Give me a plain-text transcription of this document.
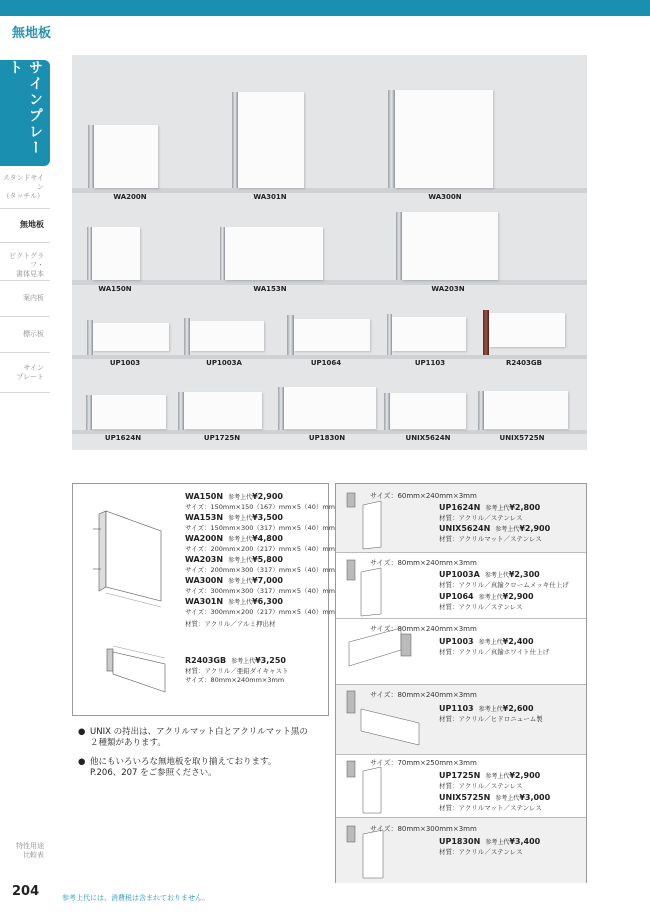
無地板
サインプレート
スタンドサイン
（タッチル）
無地板
ピクトグラフ・
書体見本
案内板
標示板
サイン
プレート
特性用途
比較表
WA200N	WA301N	WA300N
WA150N	WA153N	WA203N
UP1003	UP1003A	UP1064	UP1103	R2403GB
UP1624N	UP1725N	UP1830N	UNIX5624N	UNIX5725N
WA150N 参考上代¥2,900
サイズ：150mm×150（167）mm×5（40）mm
WA153N 参考上代¥3,500
サイズ：150mm×300（317）mm×5（40）mm
WA200N 参考上代¥4,800
サイズ：200mm×200（217）mm×5（40）mm
WA203N 参考上代¥5,800
サイズ：200mm×300（317）mm×5（40）mm
WA300N 参考上代¥7,000
サイズ：300mm×300（317）mm×5（40）mm
WA301N 参考上代¥6,300
サイズ：300mm×200（217）mm×5（40）mm
材質：アクリル／アルミ押出材
R2403GB 参考上代¥3,250
材質：アクリル／亜鉛ダイキャスト
サイズ：80mm×240mm×3mm
● UNIX の持出は、アクリルマット白とアクリルマット黒の
２種類があります。
● 他にもいろいろな無地板を取り揃えております。
P.206、207 をご参照ください。
サイズ：60mm×240mm×3mm
UP1624N 参考上代¥2,800
材質：アクリル／ステンレス
UNIX5624N 参考上代¥2,900
材質：アクリルマット／ステンレス
サイズ：80mm×240mm×3mm
UP1003A 参考上代¥2,300
材質：アクリル／真鍮クロームメッキ仕上げ
UP1064 参考上代¥2,900
材質：アクリル／ステンレス
サイズ：80mm×240mm×3mm
UP1003 参考上代¥2,400
材質：アクリル／真鍮ホワイト仕上げ
サイズ：80mm×240mm×3mm
UP1103 参考上代¥2,600
材質：アクリル／ヒドロニューム製
サイズ：70mm×250mm×3mm
UP1725N 参考上代¥2,900
材質：アクリル／ステンレス
UNIX5725N 参考上代¥3,000
材質：アクリルマット／ステンレス
サイズ：80mm×300mm×3mm
UP1830N 参考上代¥3,400
材質：アクリル／ステンレス
204	参考上代には、消費税は含まれておりません。
